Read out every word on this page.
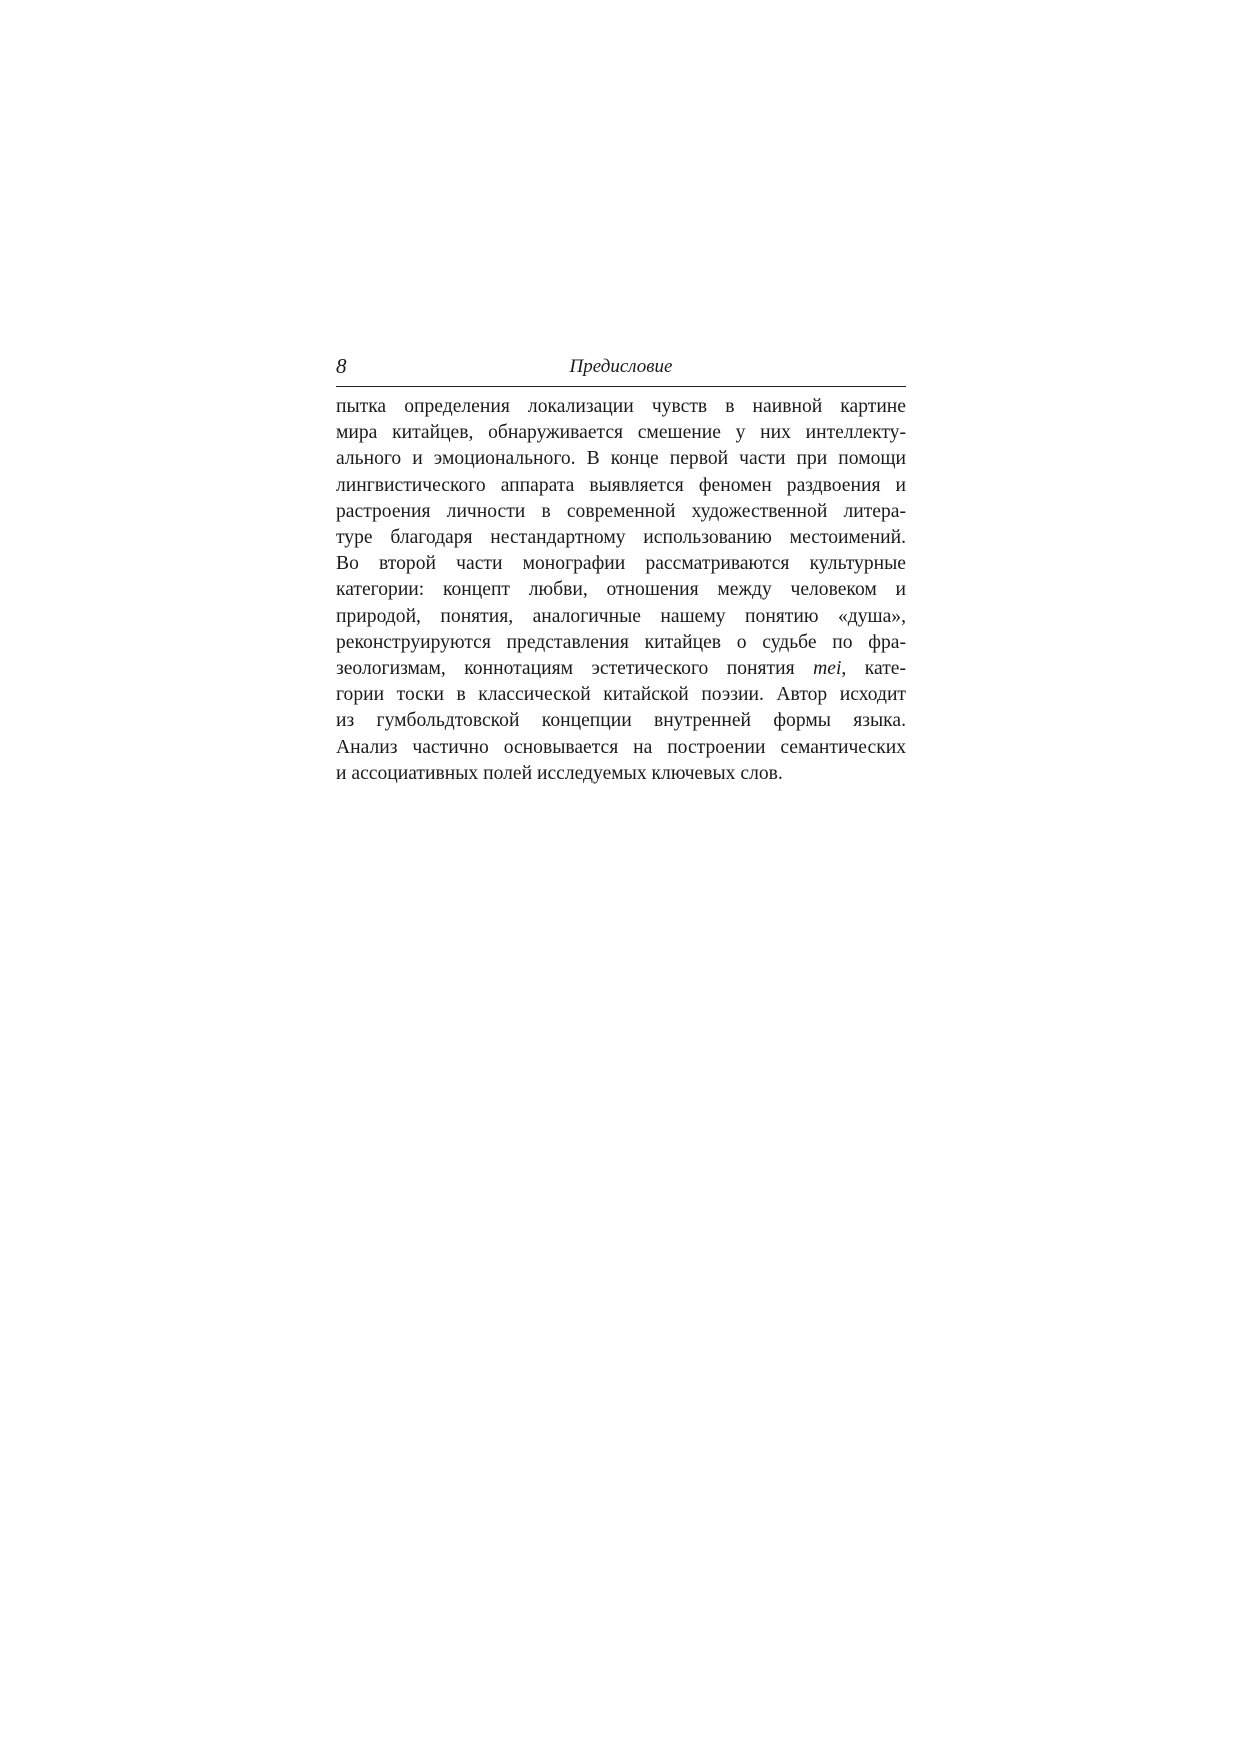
8	Предисловие
пытка определения локализации чувств в наивной картине
мира китайцев, обнаруживается смешение у них интеллекту-
ального и эмоционального. В конце первой части при помощи
лингвистического аппарата выявляется феномен раздвоения и
растроения личности в современной художественной литера-
туре благодаря нестандартному использованию местоимений.
Во второй части монографии рассматриваются культурные
категории: концепт любви, отношения между человеком и
природой, понятия, аналогичные нашему понятию «душа»,
реконструируются представления китайцев о судьбе по фра-
зеологизмам, коннотациям эстетического понятия mei, кате-
гории тоски в классической китайской поэзии. Автор исходит
из гумбольдтовской концепции внутренней формы языка.
Анализ частично основывается на построении семантических
и ассоциативных полей исследуемых ключевых слов.
